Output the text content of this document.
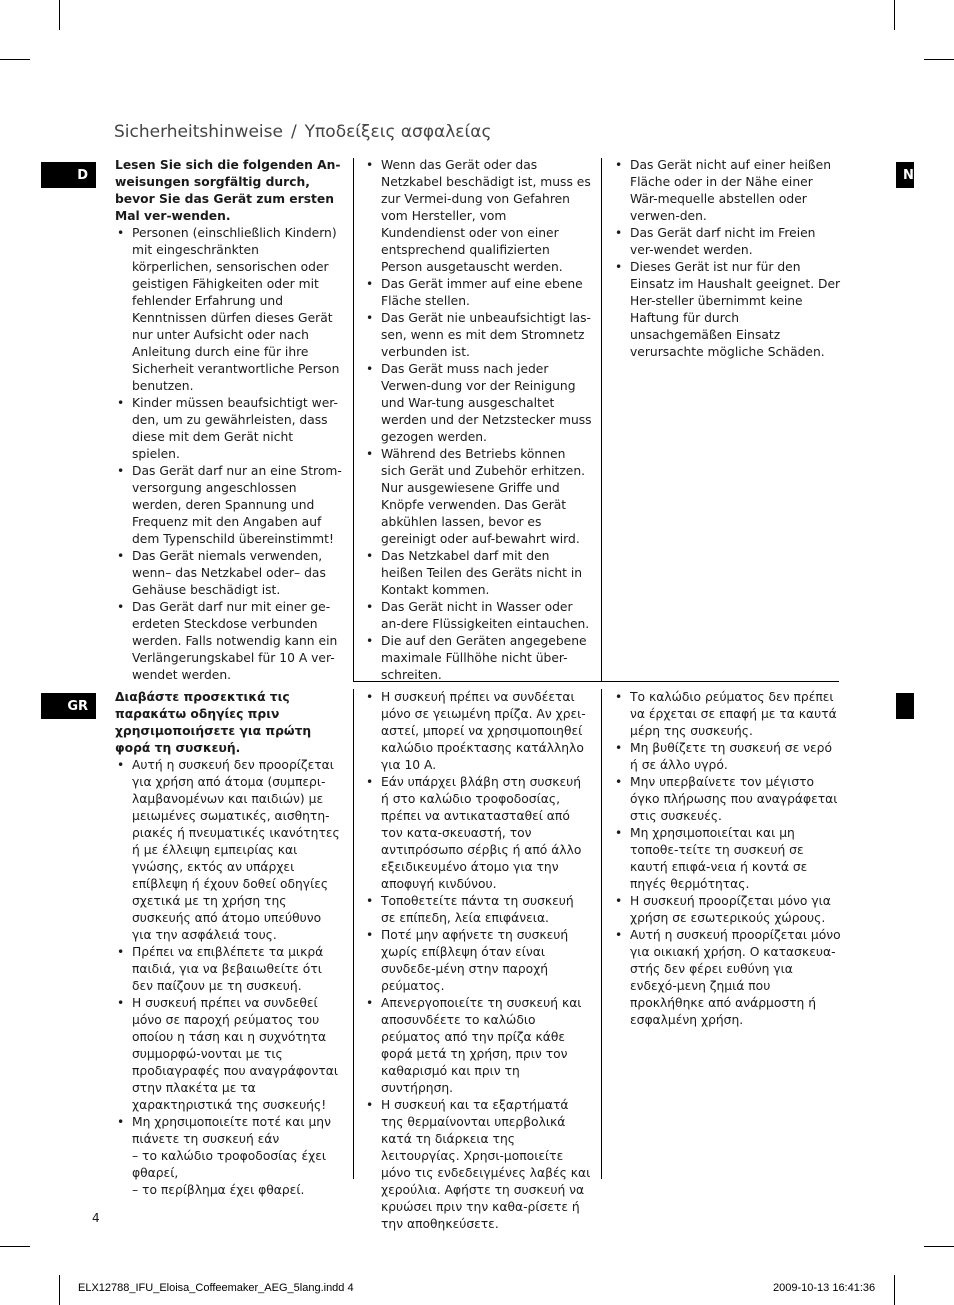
Sicherheitshinweise / Υποδείξεις ασφαλείας
D	N
GR

Lesen Sie sich die folgenden An-weisungen sorgfältig durch, bevor Sie das Gerät zum ersten Mal ver-wenden.

• Personen (einschließlich Kindern) mit eingeschränkten körperlichen, sensorischen oder geistigen Fähigkeiten oder mit fehlender Erfahrung und Kenntnissen dürfen dieses Gerät nur unter Aufsicht oder nach Anleitung durch eine für ihre Sicherheit verantwortliche Person benutzen.
• Kinder müssen beaufsichtigt wer-den, um zu gewährleisten, dass diese mit dem Gerät nicht spielen.
• Das Gerät darf nur an eine Strom-versorgung angeschlossen werden, deren Spannung und Frequenz mit den Angaben auf dem Typenschild übereinstimmt!
• Das Gerät niemals verwenden, wenn– das Netzkabel oder– das Gehäuse beschädigt ist.
• Das Gerät darf nur mit einer ge-erdeten Steckdose verbunden werden. Falls notwendig kann ein Verlängerungskabel für 10 A ver-wendet werden.
• Wenn das Gerät oder das Netzkabel beschädigt ist, muss es zur Vermei-dung von Gefahren vom Hersteller, vom Kundendienst oder von einer entsprechend qualifizierten Person ausgetauscht werden.
• Das Gerät immer auf eine ebene Fläche stellen.
• Das Gerät nie unbeaufsichtigt las-sen, wenn es mit dem Stromnetz verbunden ist.
• Das Gerät muss nach jeder Verwen-dung vor der Reinigung und War-tung ausgeschaltet werden und der Netzstecker muss gezogen werden.
• Während des Betriebs können sich Gerät und Zubehör erhitzen. Nur ausgewiesene Griffe und Knöpfe verwenden. Das Gerät abkühlen lassen, bevor es gereinigt oder auf-bewahrt wird.
• Das Netzkabel darf mit den heißen Teilen des Geräts nicht in Kontakt kommen.
• Das Gerät nicht in Wasser oder an-dere Flüssigkeiten eintauchen.
• Die auf den Geräten angegebene maximale Füllhöhe nicht über-schreiten.
• Das Gerät nicht auf einer heißen Fläche oder in der Nähe einer Wär-mequelle abstellen oder verwen-den.
• Das Gerät darf nicht im Freien ver-wendet werden.
• Dieses Gerät ist nur für den Einsatz im Haushalt geeignet. Der Her-steller übernimmt keine Haftung für durch unsachgemäßen Einsatz verursachte mögliche Schäden.

Διαβάστε προσεκτικά τις παρακάτω οδηγίες πριν χρησιμοποιήσετε για πρώτη φορά τη συσκευή.

• Αυτή η συσκευή δεν προορίζεται για χρήση από άτομα (συμπερι-λαμβανομένων και παιδιών) με μειωμένες σωματικές, αισθητη-ριακές ή πνευματικές ικανότητες ή με έλλειψη εμπειρίας και γνώσης, εκτός αν υπάρχει επίβλεψη ή έχουν δοθεί οδηγίες σχετικά με τη χρήση της συσκευής από άτομο υπεύθυνο για την ασφάλειά τους.
• Πρέπει να επιβλέπετε τα μικρά παιδιά, για να βεβαιωθείτε ότι δεν παίζουν με τη συσκευή.
• Η συσκευή πρέπει να συνδεθεί μόνο σε παροχή ρεύματος του οποίου η τάση και η συχνότητα συμμορφώ-νονται με τις προδιαγραφές που αναγράφονται στην πλακέτα με τα χαρακτηριστικά της συσκευής!
• Μη χρησιμοποιείτε ποτέ και μην πιάνετε τη συσκευή εάν
– το καλώδιο τροφοδοσίας έχει φθαρεί,
– το περίβλημα έχει φθαρεί.
• Η συσκευή πρέπει να συνδέεται μόνο σε γειωμένη πρίζα. Αν χρει-αστεί, μπορεί να χρησιμοποιηθεί καλώδιο προέκτασης κατάλληλο για 10 A.
• Εάν υπάρχει βλάβη στη συσκευή ή στο καλώδιο τροφοδοσίας, πρέπει να αντικατασταθεί από τον κατα-σκευαστή, τον αντιπρόσωπο σέρβις ή από άλλο εξειδικευμένο άτομο για την αποφυγή κινδύνου.
• Τοποθετείτε πάντα τη συσκευή σε επίπεδη, λεία επιφάνεια.
• Ποτέ μην αφήνετε τη συσκευή χωρίς επίβλεψη όταν είναι συνδεδε-μένη στην παροχή ρεύματος.
• Απενεργοποιείτε τη συσκευή και αποσυνδέετε το καλώδιο ρεύματος από την πρίζα κάθε φορά μετά τη χρήση, πριν τον καθαρισμό και πριν τη συντήρηση.
• Η συσκευή και τα εξαρτήματά της θερμαίνονται υπερβολικά κατά τη διάρκεια της λειτουργίας. Χρησι-μοποιείτε μόνο τις ενδεδειγμένες λαβές και χερούλια. Αφήστε τη συσκευή να κρυώσει πριν την καθα-ρίσετε ή την αποθηκεύσετε.
• Το καλώδιο ρεύματος δεν πρέπει να έρχεται σε επαφή με τα καυτά μέρη της συσκευής.
• Μη βυθίζετε τη συσκευή σε νερό ή σε άλλο υγρό.
• Μην υπερβαίνετε τον μέγιστο όγκο πλήρωσης που αναγράφεται στις συσκευές.
• Μη χρησιμοποιείται και μη τοποθε-τείτε τη συσκευή σε καυτή επιφά-νεια ή κοντά σε πηγές θερμότητας.
• Η συσκευή προορίζεται μόνο για χρήση σε εσωτερικούς χώρους.
• Αυτή η συσκευή προορίζεται μόνο για οικιακή χρήση. Ο κατασκευα-στής δεν φέρει ευθύνη για ενδεχό-μενη ζημιά που προκλήθηκε από ανάρμοστη ή εσφαλμένη χρήση.
4
ELX12788_IFU_Eloisa_Coffeemaker_AEG_5lang.indd 4	2009-10-13 16:41:36
